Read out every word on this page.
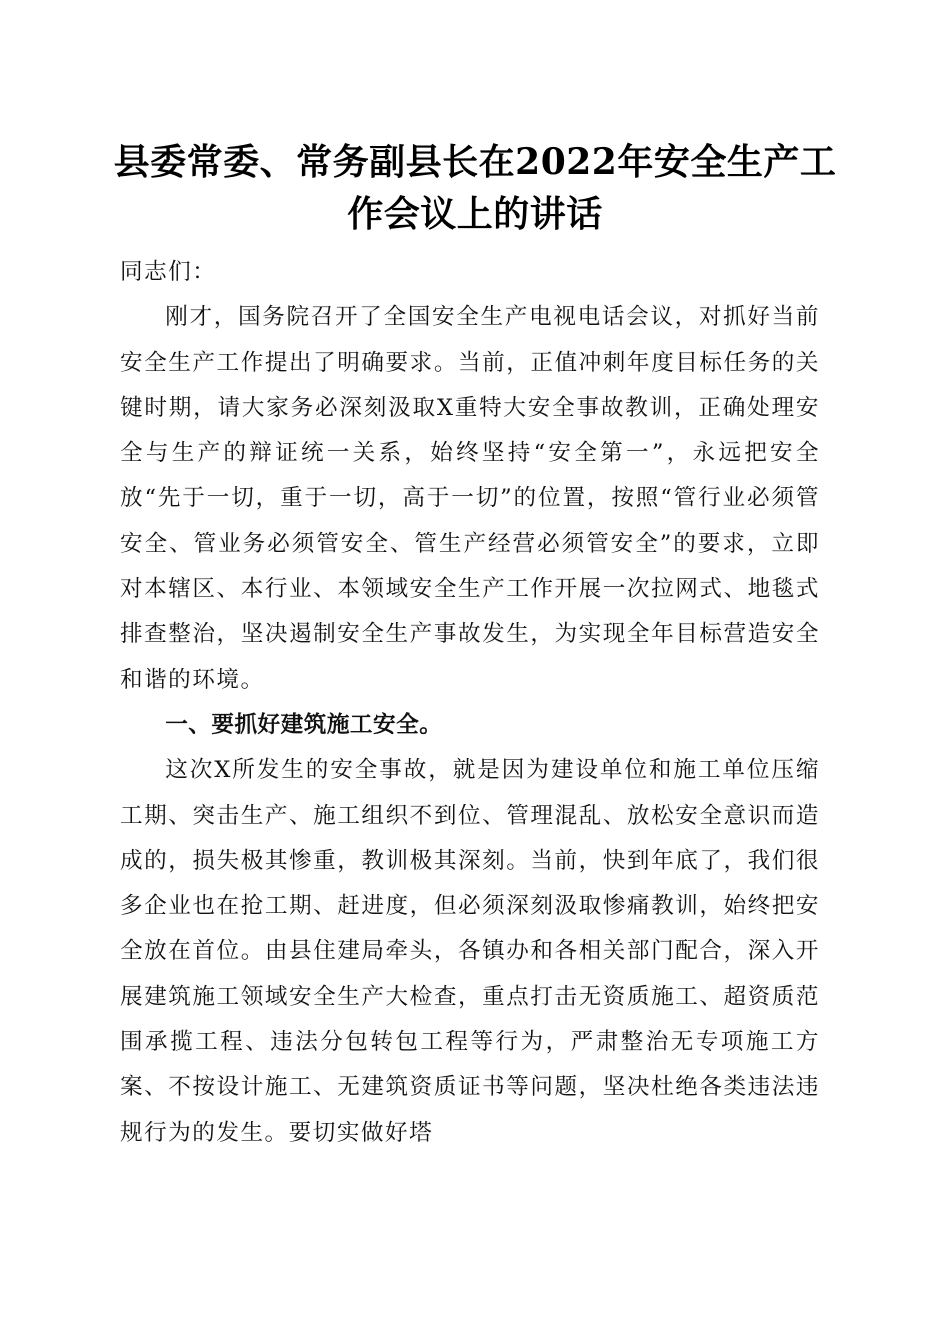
县委常委、常务副县长在2022年安全生产工
作会议上的讲话

同志们：

刚才，国务院召开了全国安全生产电视电话会议，对抓好当前安全生产工作提出了明确要求。当前，正值冲刺年度目标任务的关键时期，请大家务必深刻汲取X重特大安全事故教训，正确处理安全与生产的辩证统一关系，始终坚持“安全第一”，永远把安全放“先于一切，重于一切，高于一切”的位置，按照“管行业必须管安全、管业务必须管安全、管生产经营必须管安全”的要求，立即对本辖区、本行业、本领域安全生产工作开展一次拉网式、地毯式排查整治，坚决遏制安全生产事故发生，为实现全年目标营造安全和谐的环境。

一、要抓好建筑施工安全。

这次X所发生的安全事故，就是因为建设单位和施工单位压缩工期、突击生产、施工组织不到位、管理混乱、放松安全意识而造成的，损失极其惨重，教训极其深刻。当前，快到年底了，我们很多企业也在抢工期、赶进度，但必须深刻汲取惨痛教训，始终把安全放在首位。由县住建局牵头，各镇办和各相关部门配合，深入开展建筑施工领域安全生产大检查，重点打击无资质施工、超资质范围承揽工程、违法分包转包工程等行为，严肃整治无专项施工方案、不按设计施工、无建筑资质证书等问题，坚决杜绝各类违法违规行为的发生。要切实做好塔
